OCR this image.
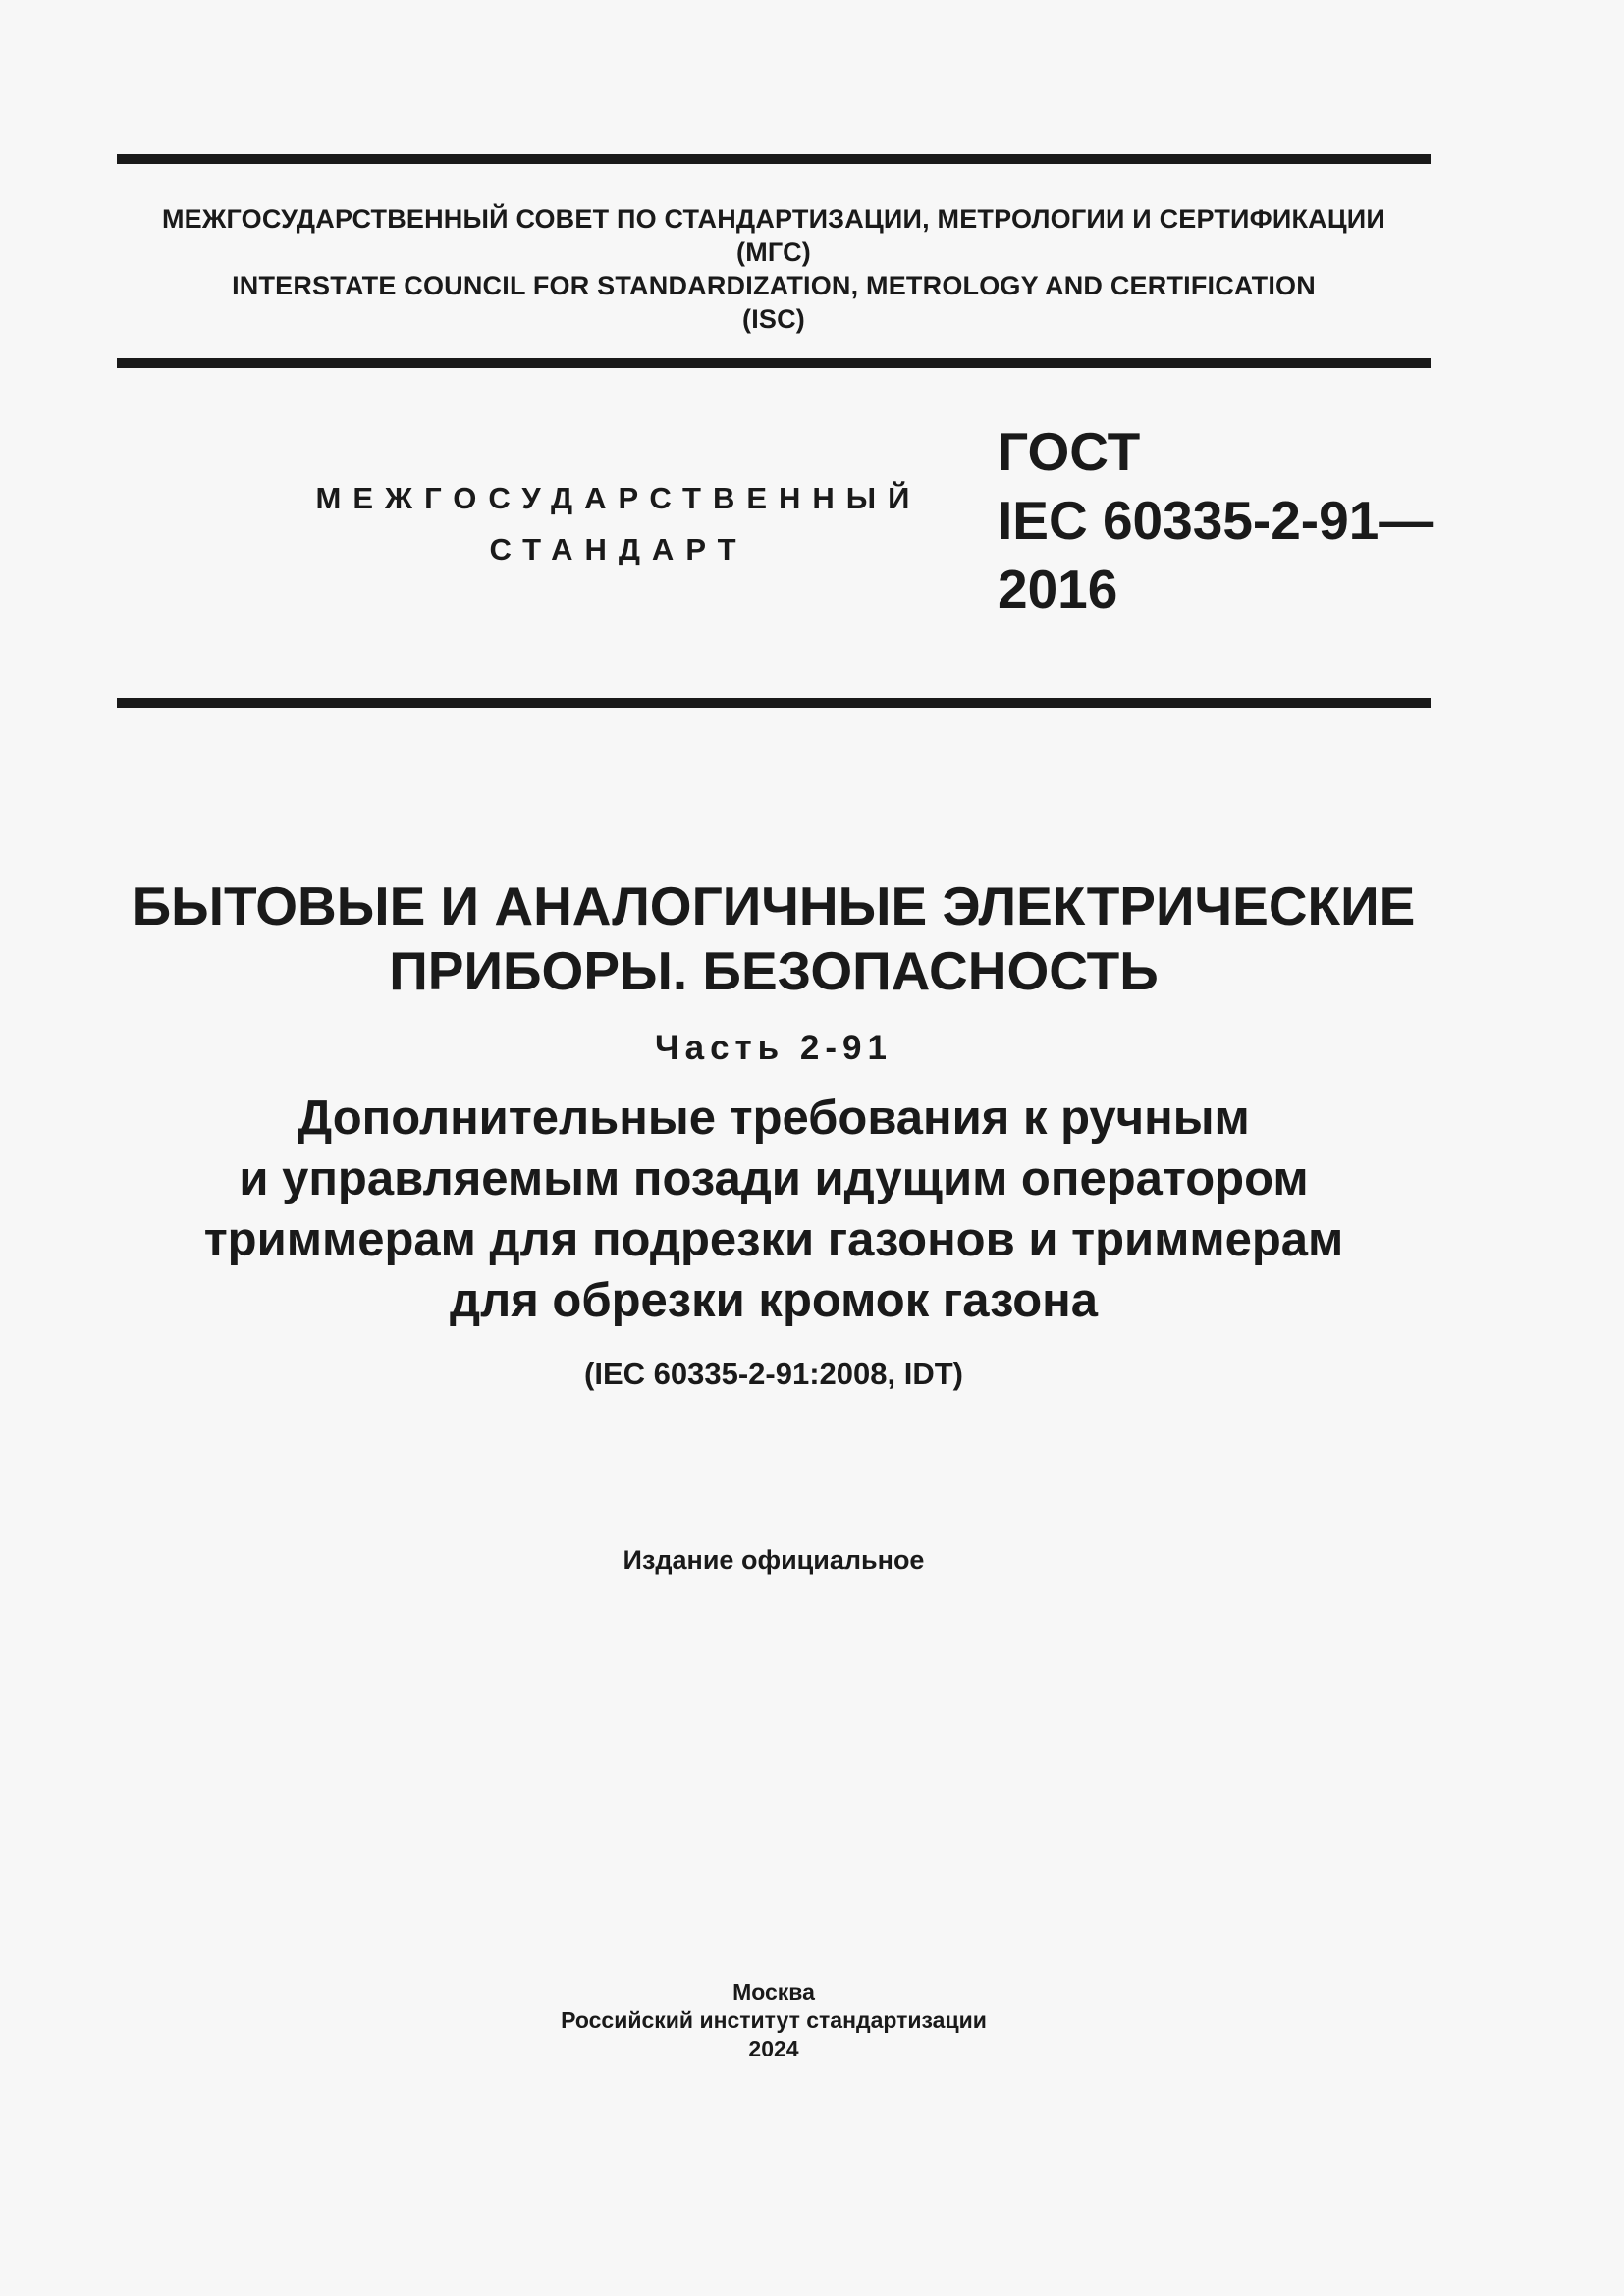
МЕЖГОСУДАРСТВЕННЫЙ СОВЕТ ПО СТАНДАРТИЗАЦИИ, МЕТРОЛОГИИ И СЕРТИФИКАЦИИ
(МГС)
INTERSTATE COUNCIL FOR STANDARDIZATION, METROLOGY AND CERTIFICATION
(ISC)
МЕЖГОСУДАРСТВЕННЫЙ
СТАНДАРТ
ГОСТ
IEC 60335-2-91—
2016
БЫТОВЫЕ И АНАЛОГИЧНЫЕ ЭЛЕКТРИЧЕСКИЕ
ПРИБОРЫ. БЕЗОПАСНОСТЬ
Часть 2-91
Дополнительные требования к ручным
и управляемым позади идущим оператором
триммерам для подрезки газонов и триммерам
для обрезки кромок газона
(IEC 60335-2-91:2008, IDT)
Издание официальное
Москва
Российский институт стандартизации
2024
